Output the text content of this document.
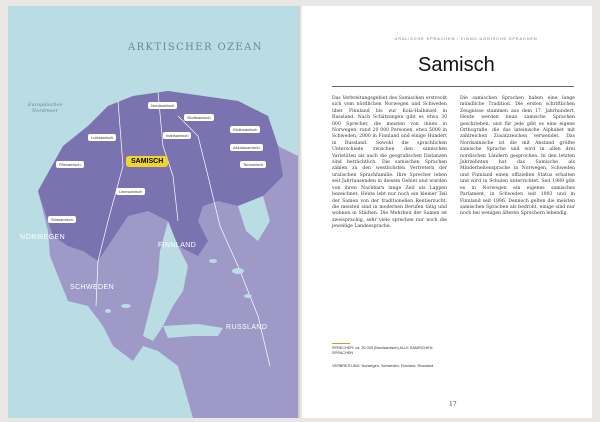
ARKTISCHER OZEAN
Europäisches Nordmeer
NORWEGEN
SCHWEDEN
FINNLAND
RUSSLAND
Nordsamisch
Skoltsamisch
Inarisamisch
Kildinsamisch
Akkalasamisch
Tersamisch
Lulesamisch
Pitesamisch
Umesamisch
Südsamisch
SAMISCH
URALISCHE SPRACHEN / FINNO-UGRISCHE SPRACHEN
Samisch
Das Verbreitungsgebiet des Samischen erstreckt sich vom nördlichen Norwegen und Schweden über Finnland bis zur Kola-Halbinsel in Russland. Nach Schätzungen gibt es etwa 30 000 Sprecher, die meisten von ihnen in Norwegen, rund 20 000 Personen, etwa 5000 in Schweden, 2000 in Finnland und einige Hundert in Russland. Sowohl die sprachlichen Unterschiede zwischen den samischen Varietäten als auch die geografischen Distanzen sind beträchtlich. Die samischen Sprachen zählen zu den westlichsten Vertretern der uralischen Sprachfamilie. Ihre Sprecher leben seit Jahrtausenden in diesem Gebiet und wurden von ihren Nachbarn lange Zeit als Lappen bezeichnet. Heute lebt nur noch ein kleiner Teil der Samen von der traditionellen Rentierzucht, die meisten sind in modernen Berufen tätig und wohnen in Städten. Die Mehrheit der Samen ist zweisprachig, sehr viele sprechen nur noch die jeweilige Landessprache.
Die samischen Sprachen haben eine lange mündliche Tradition. Die ersten schriftlichen Zeugnisse stammen aus dem 17. Jahrhundert. Heute werden neun samische Sprachen geschrieben, und für jede gibt es eine eigene Orthografie, die das lateinische Alphabet mit zahlreichen Zusatzzeichen verwendet. Das Nordsamische ist die mit Abstand größte samische Sprache und wird in allen drei nordischen Ländern gesprochen. In den letzten Jahrzehnten hat das Samische als Minderheitensprache in Norwegen, Schweden und Finnland einen offiziellen Status erhalten und wird in Schulen unterrichtet. Seit 1989 gibt es in Norwegen ein eigenes samisches Parlament, in Schweden seit 1993 und in Finnland seit 1996. Dennoch gelten die meisten samischen Sprachen als bedroht, einige sind nur noch bei wenigen älteren Sprechern lebendig.
SPRECHER: ca. 30 000 (Nordsamisch) ALLE SAMISCHEN SPRACHEN
VERBREITUNG: Norwegen, Schweden, Finnland, Russland
17
